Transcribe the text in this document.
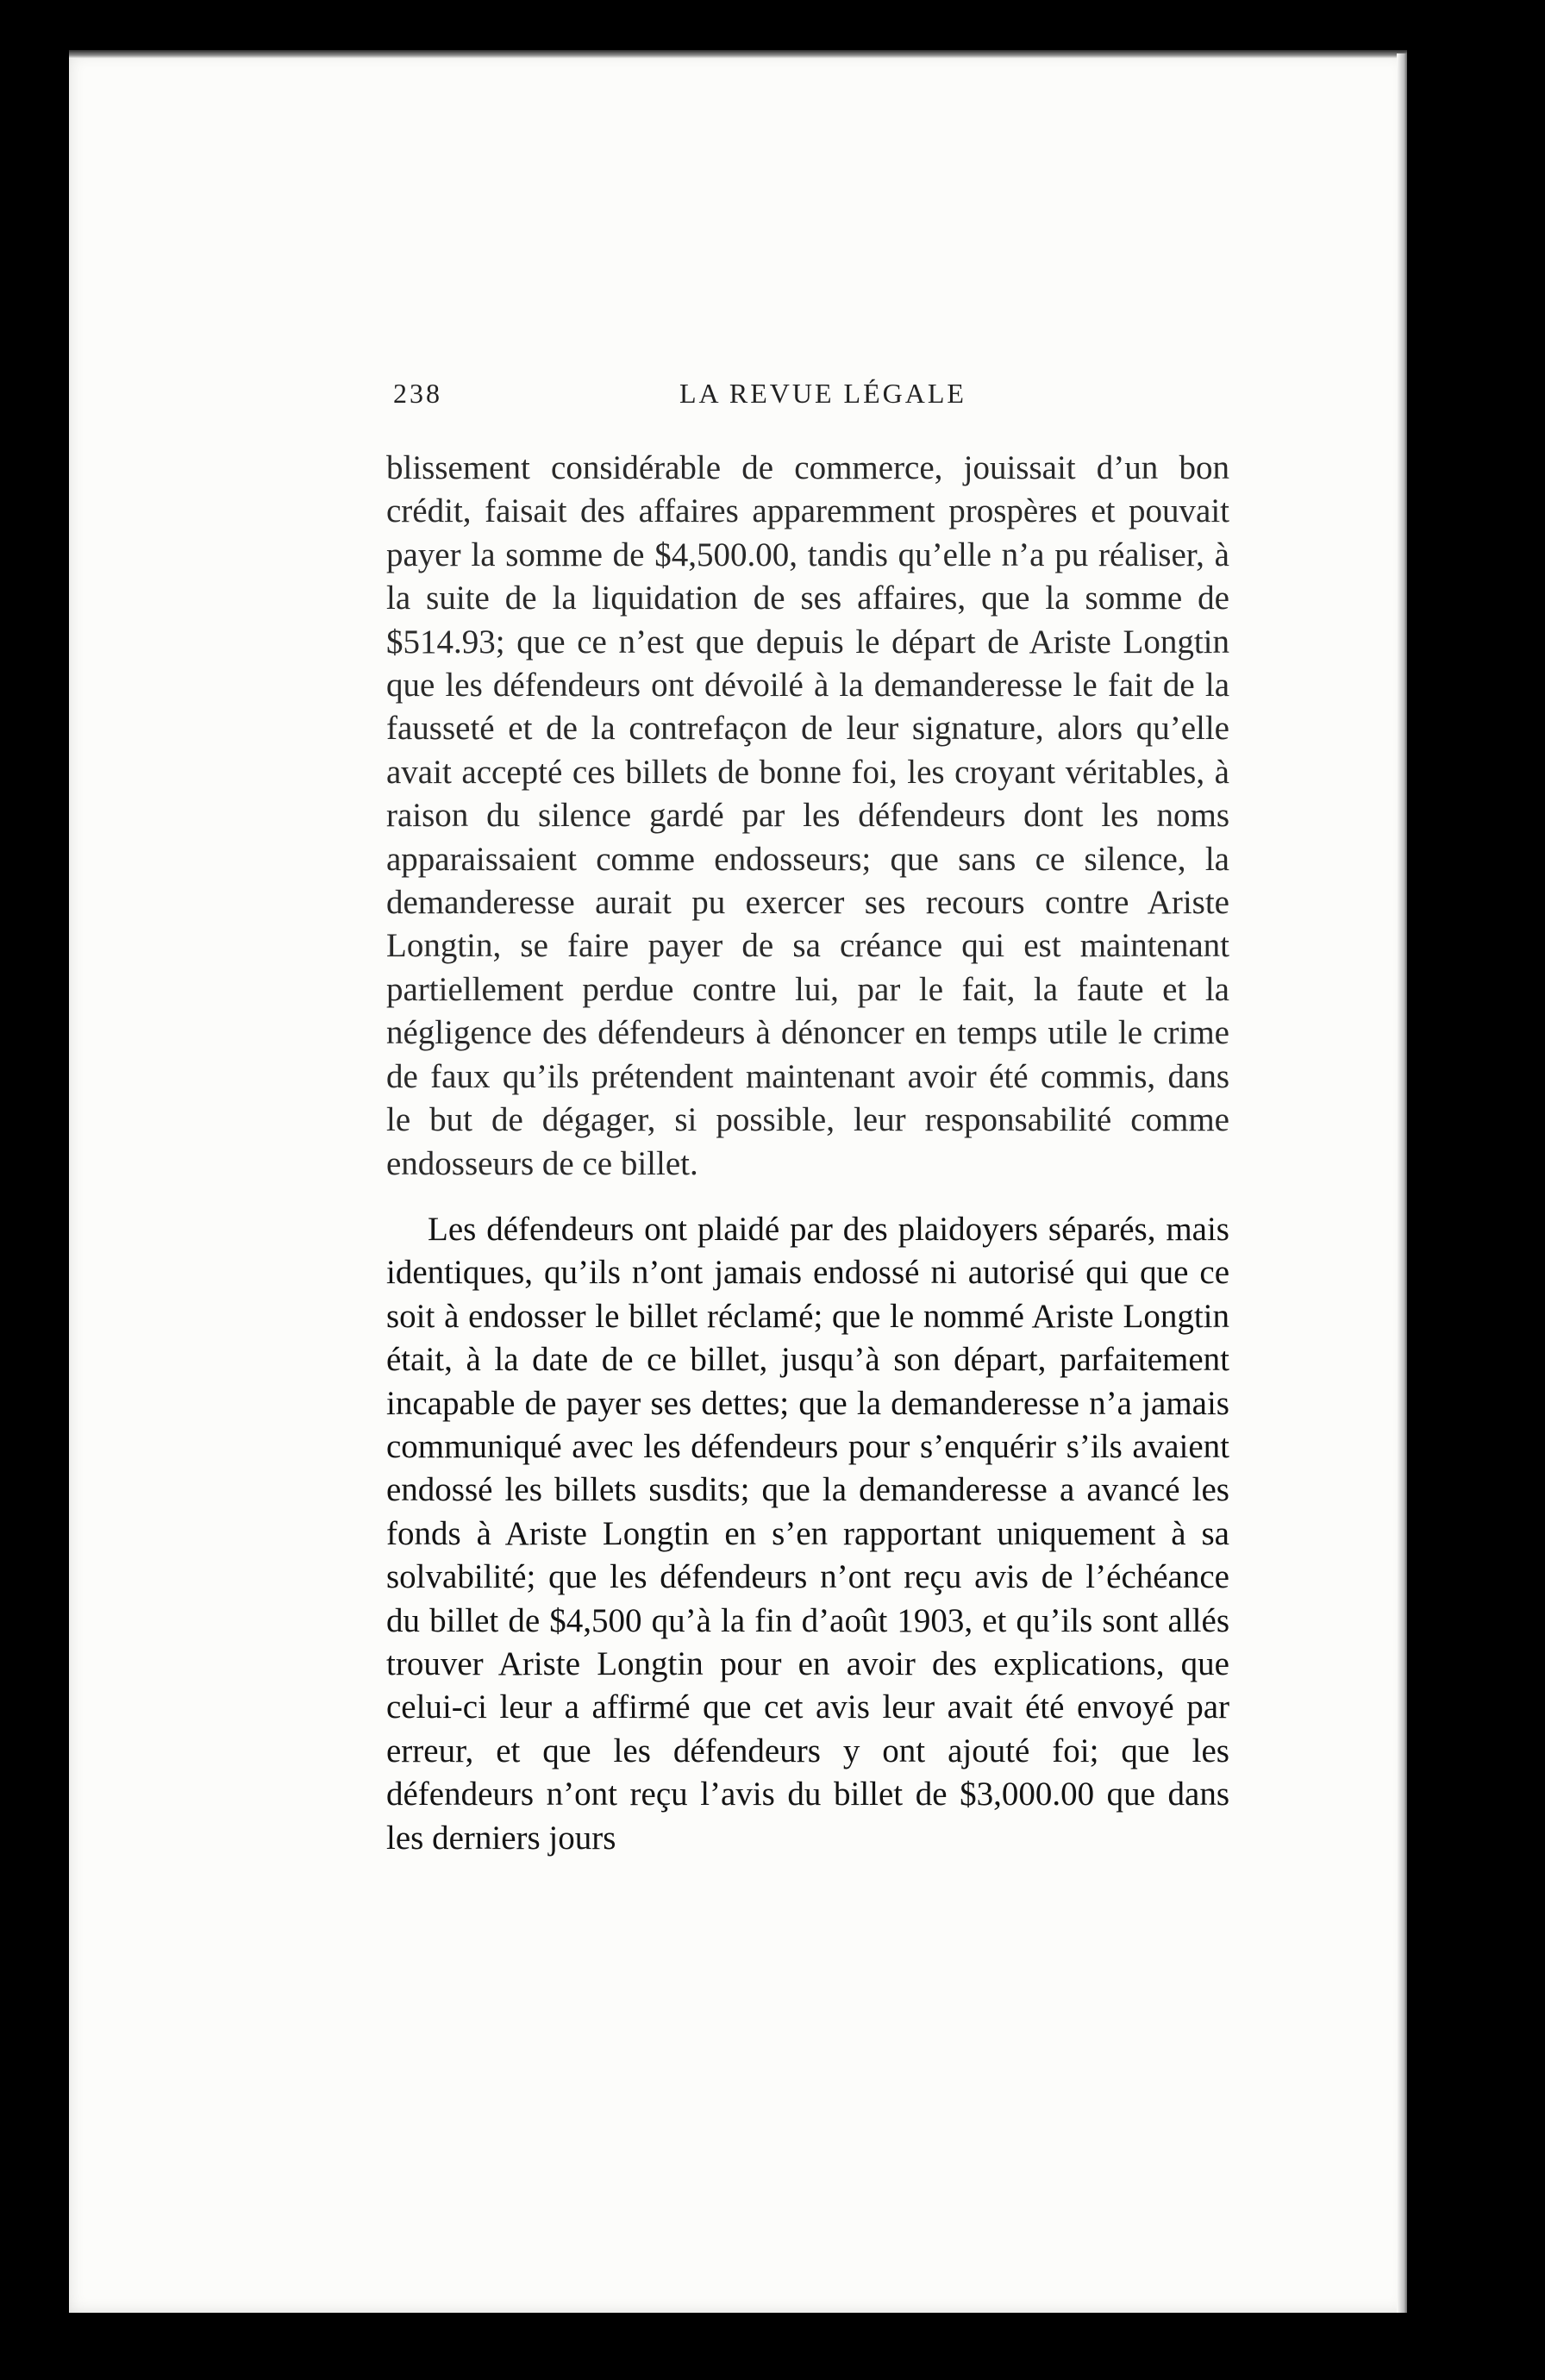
238	LA REVUE LÉGALE

blissement considérable de commerce, jouissait d’un bon crédit, faisait des affaires apparemment prospères et pouvait payer la somme de $4,500.00, tandis qu’elle n’a pu réaliser, à la suite de la liquidation de ses affaires, que la somme de $514.93; que ce n’est que depuis le départ de Ariste Longtin que les défendeurs ont dévoilé à la demanderesse le fait de la fausseté et de la contrefaçon de leur signature, alors qu’elle avait accepté ces billets de bonne foi, les croyant véritables, à raison du silence gardé par les défendeurs dont les noms apparaissaient comme endosseurs; que sans ce silence, la demanderesse aurait pu exercer ses recours contre Ariste Longtin, se faire payer de sa créance qui est maintenant partiellement perdue contre lui, par le fait, la faute et la négligence des défendeurs à dénoncer en temps utile le crime de faux qu’ils prétendent maintenant avoir été commis, dans le but de dégager, si possible, leur responsabilité comme endosseurs de ce billet.

Les défendeurs ont plaidé par des plaidoyers séparés, mais identiques, qu’ils n’ont jamais endossé ni autorisé qui que ce soit à endosser le billet réclamé; que le nommé Ariste Longtin était, à la date de ce billet, jusqu’à son départ, parfaitement incapable de payer ses dettes; que la demanderesse n’a jamais communiqué avec les défendeurs pour s’enquérir s’ils avaient endossé les billets susdits; que la demanderesse a avancé les fonds à Ariste Longtin en s’en rapportant uniquement à sa solvabilité; que les défendeurs n’ont reçu avis de l’échéance du billet de $4,500 qu’à la fin d’août 1903, et qu’ils sont allés trouver Ariste Longtin pour en avoir des explications, que celui-ci leur a affirmé que cet avis leur avait été envoyé par erreur, et que les défendeurs y ont ajouté foi; que les défendeurs n’ont reçu l’avis du billet de $3,000.00 que dans les derniers jours
